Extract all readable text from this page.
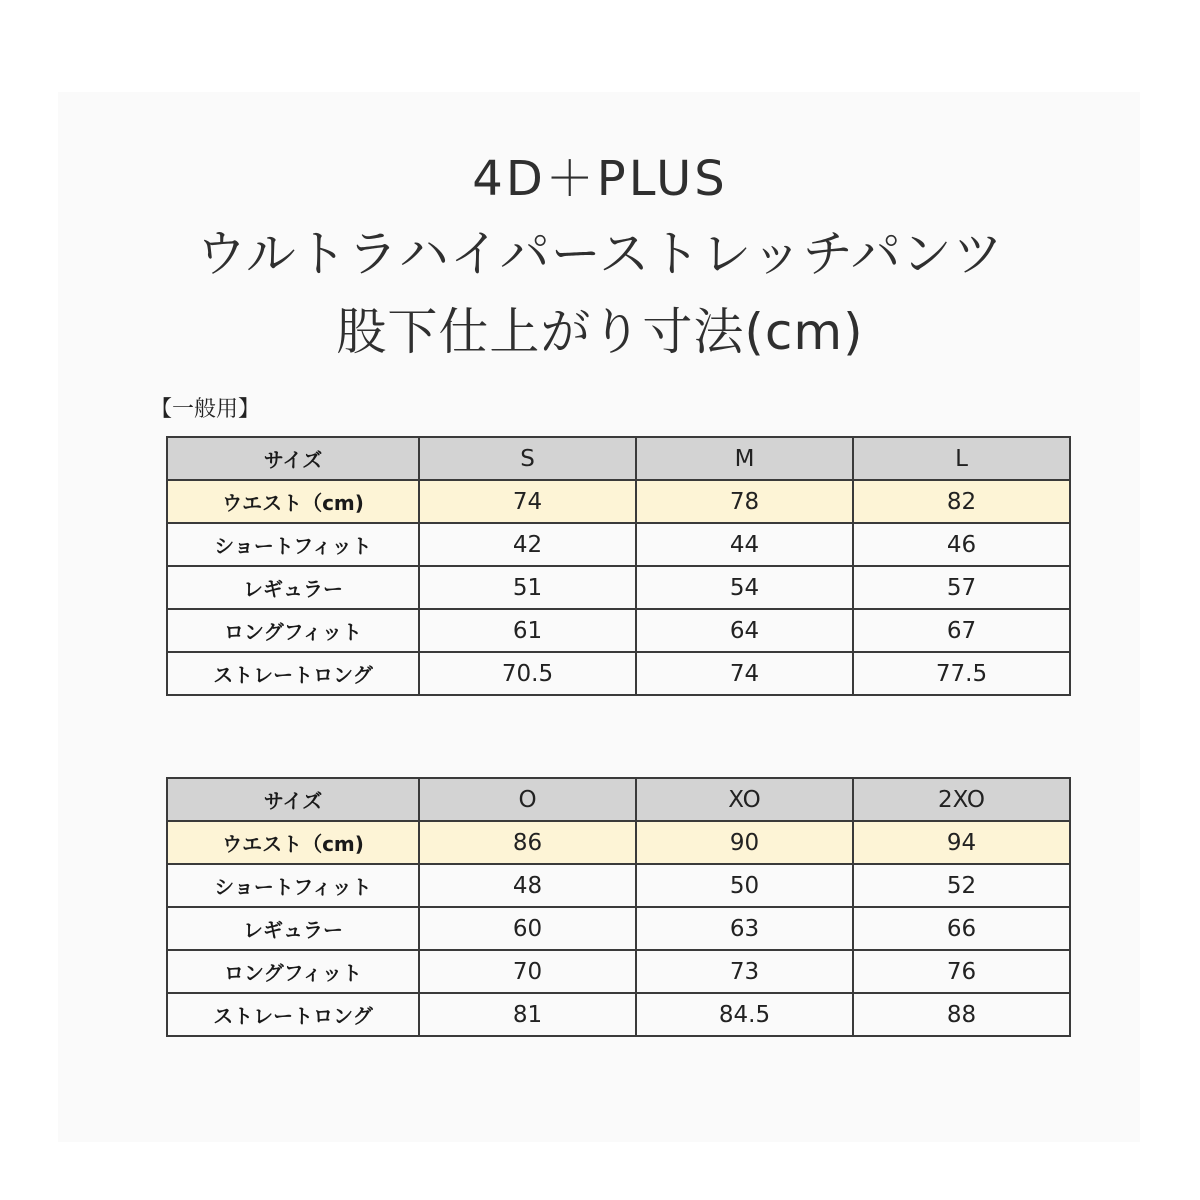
4D＋PLUS
ウルトラハイパーストレッチパンツ
股下仕上がり寸法(cm)
【一般用】
サイズ	S	M	L
ウエスト（cm)	74	78	82
ショートフィット	42	44	46
レギュラー	51	54	57
ロングフィット	61	64	67
ストレートロング	70.5	74	77.5
サイズ	O	XO	2XO
ウエスト（cm)	86	90	94
ショートフィット	48	50	52
レギュラー	60	63	66
ロングフィット	70	73	76
ストレートロング	81	84.5	88
